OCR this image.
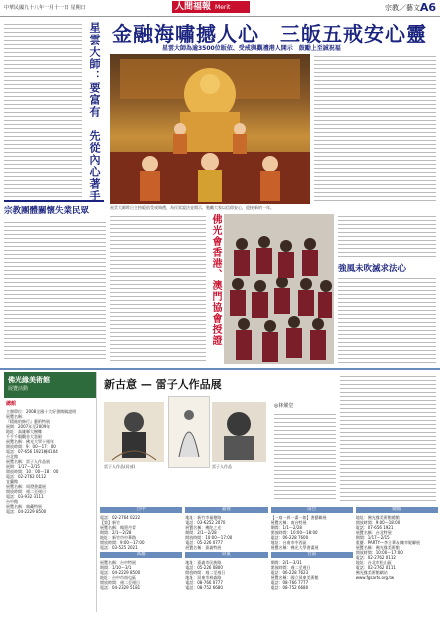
中華民國九十八年一月十一日 星期日	人間福報 Merit Times
宗教／藝文 A6
星雲大師：要富有　先從內心著手
宗教團體關懷失業民眾
金融海嘯撼人心　三皈五戒安心靈
星雲大師為逾3500位皈依、受戒與觀禮港人開示　鼓勵上至誠祝福
星雲大師昨日主持皈依受戒典禮，為民眾說法並開示，勉勵大家以信仰安心，迎接新的一年。
佛光會香港、澳門協會授證	強風未吹滅求法心
佛光緣美術館
展覽活動
總館
主辦單位：2008全國十大好書徵稿說明
展覽名稱：
『精進的修行』藝術特展
展期：2007年至2009年
地址：高雄縣大樹鄉
千手千眼觀音大悲殿
展覽名稱：佛光大學十週年
開放時間：9：00〜17：00
電話：07-656 1921轉4104
台北館
展覽名稱：雷子人作品展
展期：1/17〜2/15
開放時間：10：00〜18：00
電話：02-2762 0112
宜蘭館
展覽名稱：周澄書畫展
開放時間：週二至週日
電話：03-932 3111
台中館
展覽名稱：典藏特展
電話：04-2229 8500
新古意 — 雷子人作品展
雷子人作品(局部)	雷子人作品
◎林燿堂
台中
電話：02-2764 0222
【第】新竹
展覽名稱：翰墨丹青
期間：2/1〜2/28
地址：新竹市中華路
開放時間：9:00〜17:00
電話：03-525 2021
高雄
展覽名稱：台中特展
期間：1/10〜3/1
電話：04-2229 8500
地址：台中市南屯區
開放時間：週二至週日
電話：04-2329 5181
嘉義
地址：新竹市福德路
電話：03-6252 2070
展覽名稱：佛陀之光
期間：2/1〜2/28
開放時間：10:00〜17:00
電話：05-226 0777
展覽名稱：嘉義特展
屏東
地址：嘉義市民族路
電話：05-226 0800
開放時間：週二至週日
地址：屏東市林森路
電話：08-766 0777
電話：08-752 6680
南台
【一扇一界一畫一如】書藝聯展
展覽名稱：南台特展
期間：1/1〜2/28
開放時間：10:00〜18:00
電話：06-228 7600
地址：台南市中西區
展覽名稱：佛光大學書畫展
台南
期間：2/1〜3/31
開放時間：週二至週日
電話：06-228 7623
展覽名稱：國立屏東美術館
電話：08-766 7777
電話：08-752 6680
總館
地址：佛光緣美術館總館
開放時間：9:00〜18:00
電話：07-656 1921
展覽名稱：台北特展
期間：1/17〜2/15
重慶．PARTY—李立華＆陳幸妮聯展
展覽名稱：佛光緣美術館
開放時間：10:00〜17:00
電話：02-2762 0112
地址：台北市松山區
電話：02-2762 0111
佛光緣美術館網站
www.fgsarts.org.tw
